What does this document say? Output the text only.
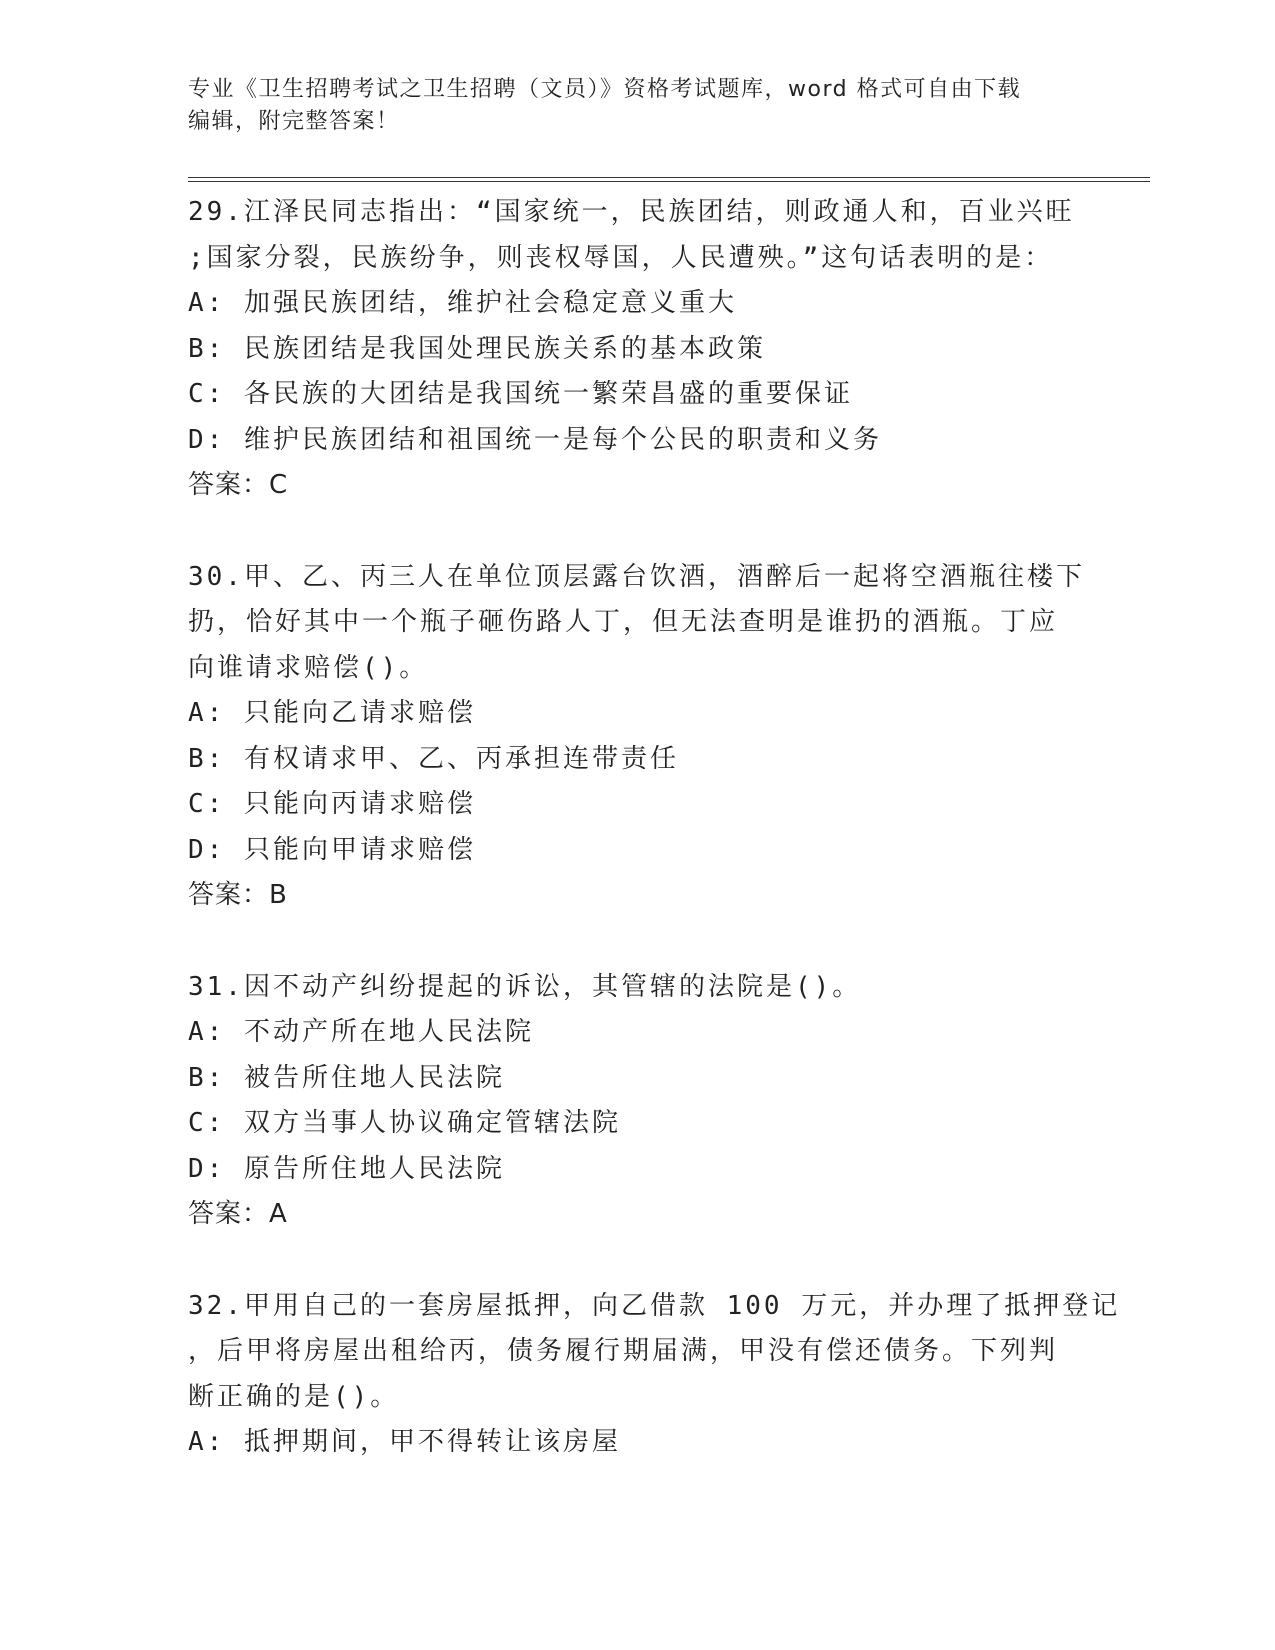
专业《卫生招聘考试之卫生招聘（文员）》资格考试题库，word 格式可自由下载

编辑，附完整答案！

29.江泽民同志指出：“国家统一，民族团结，则政通人和，百业兴旺

;国家分裂，民族纷争，则丧权辱国，人民遭殃。”这句话表明的是：

A: 加强民族团结，维护社会稳定意义重大

B: 民族团结是我国处理民族关系的基本政策

C: 各民族的大团结是我国统一繁荣昌盛的重要保证

D: 维护民族团结和祖国统一是每个公民的职责和义务

答案：C

30.甲、乙、丙三人在单位顶层露台饮酒，酒醉后一起将空酒瓶往楼下

扔，恰好其中一个瓶子砸伤路人丁，但无法查明是谁扔的酒瓶。丁应

向谁请求赔偿()。

A: 只能向乙请求赔偿

B: 有权请求甲、乙、丙承担连带责任

C: 只能向丙请求赔偿

D: 只能向甲请求赔偿

答案：B

31.因不动产纠纷提起的诉讼，其管辖的法院是()。

A: 不动产所在地人民法院

B: 被告所住地人民法院

C: 双方当事人协议确定管辖法院

D: 原告所住地人民法院

答案：A

32.甲用自己的一套房屋抵押，向乙借款 100 万元，并办理了抵押登记

，后甲将房屋出租给丙，债务履行期届满，甲没有偿还债务。下列判

断正确的是()。

A: 抵押期间，甲不得转让该房屋
